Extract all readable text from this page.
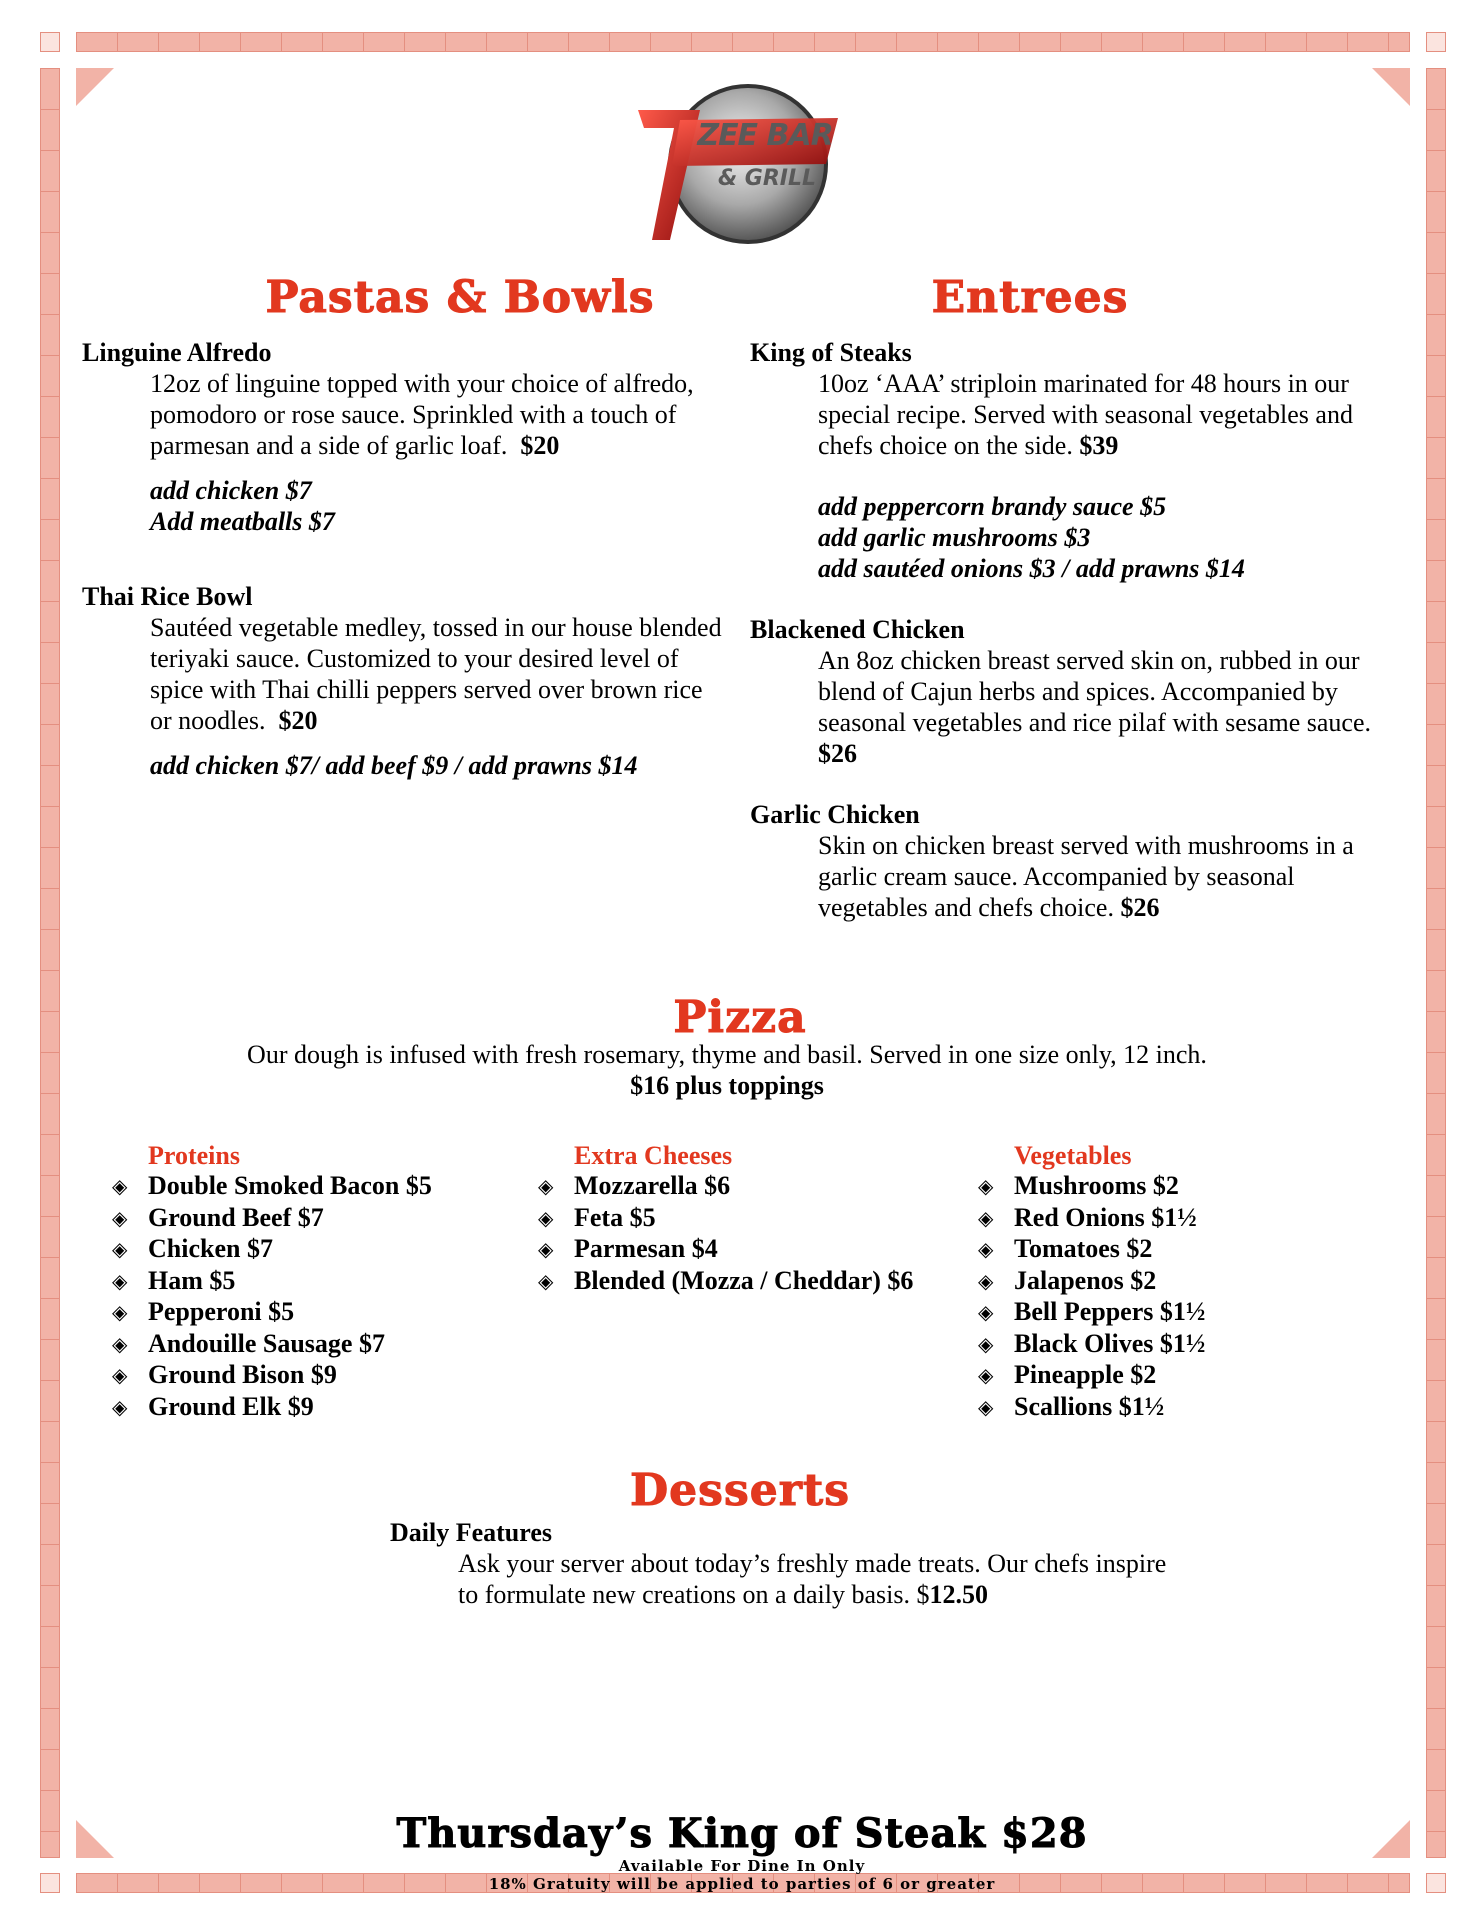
ZEE BAR
& GRILL
Pastas & Bowls	Entrees
Linguine Alfredo
12oz of linguine topped with your choice of alfredo, pomodoro or rose sauce. Sprinkled with a touch of parmesan and a side of garlic loaf. $20
add chicken $7
Add meatballs $7
Thai Rice Bowl
Sautéed vegetable medley, tossed in our house blended teriyaki sauce. Customized to your desired level of spice with Thai chilli peppers served over brown rice or noodles. $20
add chicken $7/ add beef $9 / add prawns $14
King of Steaks
10oz ‘AAA’ striploin marinated for 48 hours in our special recipe. Served with seasonal vegetables and chefs choice on the side. $39
add peppercorn brandy sauce $5
add garlic mushrooms $3
add sautéed onions $3 / add prawns $14
Blackened Chicken
An 8oz chicken breast served skin on, rubbed in our blend of Cajun herbs and spices. Accompanied by seasonal vegetables and rice pilaf with sesame sauce. $26
Garlic Chicken
Skin on chicken breast served with mushrooms in a garlic cream sauce. Accompanied by seasonal vegetables and chefs choice. $26
Pizza
Our dough is infused with fresh rosemary, thyme and basil. Served in one size only, 12 inch.
$16 plus toppings
Proteins
◈ Double Smoked Bacon $5
◈ Ground Beef $7
◈ Chicken $7
◈ Ham $5
◈ Pepperoni $5
◈ Andouille Sausage $7
◈ Ground Bison $9
◈ Ground Elk $9
Extra Cheeses
◈ Mozzarella $6
◈ Feta $5
◈ Parmesan $4
◈ Blended (Mozza / Cheddar) $6
Vegetables
◈ Mushrooms $2
◈ Red Onions $1½
◈ Tomatoes $2
◈ Jalapenos $2
◈ Bell Peppers $1½
◈ Black Olives $1½
◈ Pineapple $2
◈ Scallions $1½
Desserts
Daily Features
Ask your server about today’s freshly made treats. Our chefs inspire to formulate new creations on a daily basis. $12.50
Thursday’s King of Steak $28
Available For Dine In Only
18% Gratuity will be applied to parties of 6 or greater
